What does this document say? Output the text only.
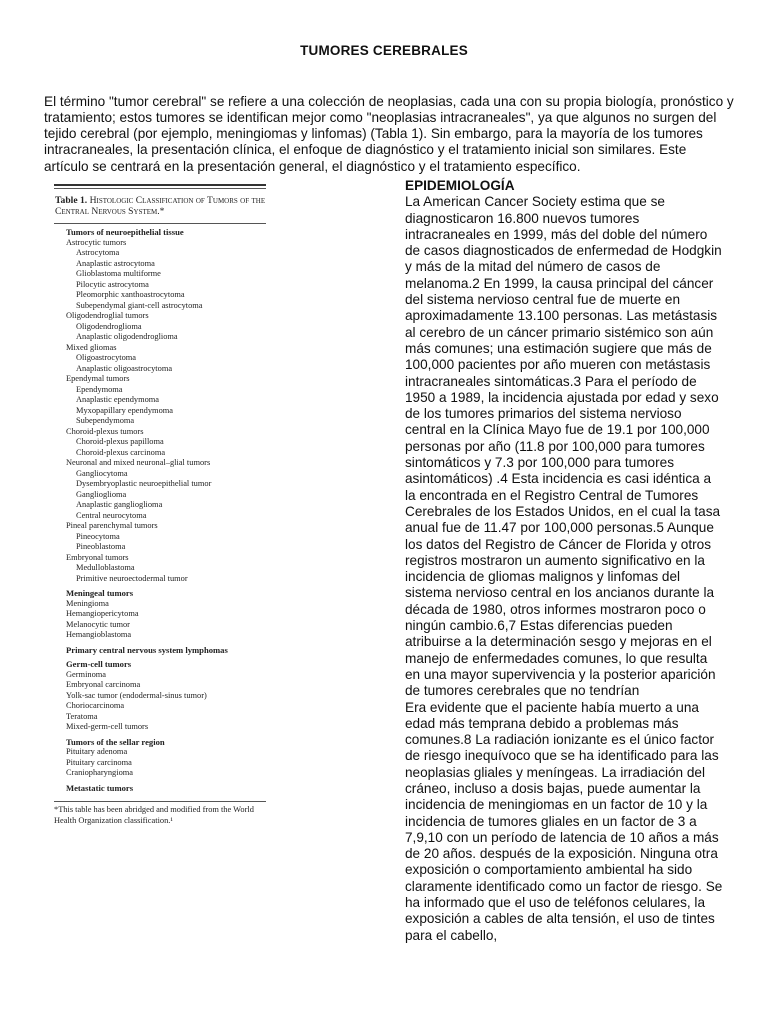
TUMORES CEREBRALES

El término "tumor cerebral" se refiere a una colección de neoplasias, cada una con su propia biología, pronóstico y tratamiento; estos tumores se identifican mejor como "neoplasias intracraneales", ya que algunos no surgen del tejido cerebral (por ejemplo, meningiomas y linfomas) (Tabla 1). Sin embargo, para la mayoría de los tumores intracraneales, la presentación clínica, el enfoque de diagnóstico y el tratamiento inicial son similares. Este artículo se centrará en la presentación general, el diagnóstico y el tratamiento específico.

Table 1. Histologic Classification of Tumors of the Central Nervous System.*
Tumors of neuroepithelial tissue
Astrocytic tumors
Astrocytoma
Anaplastic astrocytoma
Glioblastoma multiforme
Pilocytic astrocytoma
Pleomorphic xanthoastrocytoma
Subependymal giant-cell astrocytoma
Oligodendroglial tumors
Oligodendroglioma
Anaplastic oligodendroglioma
Mixed gliomas
Oligoastrocytoma
Anaplastic oligoastrocytoma
Ependymal tumors
Ependymoma
Anaplastic ependymoma
Myxopapillary ependymoma
Subependymoma
Choroid-plexus tumors
Choroid-plexus papilloma
Choroid-plexus carcinoma
Neuronal and mixed neuronal–glial tumors
Gangliocytoma
Dysembryoplastic neuroepithelial tumor
Ganglioglioma
Anaplastic ganglioglioma
Central neurocytoma
Pineal parenchymal tumors
Pineocytoma
Pineoblastoma
Embryonal tumors
Medulloblastoma
Primitive neuroectodermal tumor
Meningeal tumors
Meningioma
Hemangiopericytoma
Melanocytic tumor
Hemangioblastoma
Primary central nervous system lymphomas
Germ-cell tumors
Germinoma
Embryonal carcinoma
Yolk-sac tumor (endodermal-sinus tumor)
Choriocarcinoma
Teratoma
Mixed-germ-cell tumors
Tumors of the sellar region
Pituitary adenoma
Pituitary carcinoma
Craniopharyngioma
Metastatic tumors
*This table has been abridged and modified from the World Health Organization classification.¹
EPIDEMIOLOGÍA

La American Cancer Society estima que se diagnosticaron 16.800 nuevos tumores intracraneales en 1999, más del doble del número de casos diagnosticados de enfermedad de Hodgkin y más de la mitad del número de casos de melanoma.2 En 1999, la causa principal del cáncer del sistema nervioso central fue de muerte en aproximadamente 13.100 personas. Las metástasis al cerebro de un cáncer primario sistémico son aún más comunes; una estimación sugiere que más de 100,000 pacientes por año mueren con metástasis intracraneales sintomáticas.3 Para el período de 1950 a 1989, la incidencia ajustada por edad y sexo de los tumores primarios del sistema nervioso central en la Clínica Mayo fue de 19.1 por 100,000 personas por año (11.8 por 100,000 para tumores sintomáticos y 7.3 por 100,000 para tumores asintomáticos) .4 Esta incidencia es casi idéntica a la encontrada en el Registro Central de Tumores Cerebrales de los Estados Unidos, en el cual la tasa anual fue de 11.47 por 100,000 personas.5 Aunque los datos del Registro de Cáncer de Florida y otros registros mostraron un aumento significativo en la incidencia de gliomas malignos y linfomas del sistema nervioso central en los ancianos durante la década de 1980, otros informes mostraron poco o ningún cambio.6,7 Estas diferencias pueden atribuirse a la determinación sesgo y mejoras en el manejo de enfermedades comunes, lo que resulta en una mayor supervivencia y la posterior aparición de tumores cerebrales que no tendrían

Era evidente que el paciente había muerto a una edad más temprana debido a problemas más comunes.8 La radiación ionizante es el único factor de riesgo inequívoco que se ha identificado para las neoplasias gliales y meníngeas. La irradiación del cráneo, incluso a dosis bajas, puede aumentar la incidencia de meningiomas en un factor de 10 y la incidencia de tumores gliales en un factor de 3 a 7,9,10 con un período de latencia de 10 años a más de 20 años. después de la exposición. Ninguna otra exposición o comportamiento ambiental ha sido claramente identificado como un factor de riesgo. Se ha informado que el uso de teléfonos celulares, la exposición a cables de alta tensión, el uso de tintes para el cabello,
